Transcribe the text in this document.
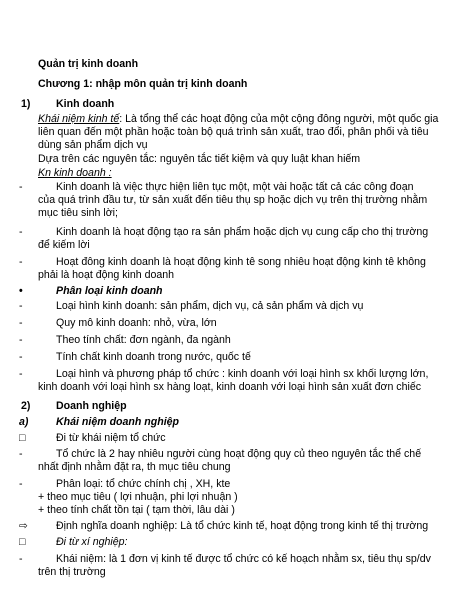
Quản trị kinh doanh
Chương 1: nhập môn quản trị kinh doanh
1) Kinh doanh
Khái niệm kinh tế: Là tổng thể các hoạt động của một cộng đông người, một quốc gia
liên quan đến một phần hoặc toàn bộ quá trình sản xuất, trao đổi, phân phối và tiêu
dùng sản phẩm dịch vụ
Dựa trên các nguyên tắc: nguyên tắc tiết kiệm và quy luật khan hiếm
Kn kinh doanh :
-	Kinh doanh là việc thực hiện liên tục một, một vài hoặc tất cả các công đoạn
của quá trình đầu tư, từ sản xuất đến tiêu thụ sp hoặc dịch vụ trên thị trường nhằm
mục tiêu sinh lời;
-	Kinh doanh là hoạt động tạo ra sản phẩm hoặc dịch vụ cung cấp cho thị trường
để kiếm lời
-	Hoạt đông kinh doanh là hoạt động kinh tê song nhiêu hoạt động kinh tê không
phải là hoạt động kinh doanh
•	Phân loại kinh doanh
-	Loại hình kinh doanh: sản phẩm, dịch vụ, cả sản phẩm và dịch vụ
-	Quy mô kinh doanh: nhỏ, vừa, lớn
-	Theo tính chất: đơn ngành, đa ngành
-	Tính chất kinh doanh trong nước, quốc tế
-	Loại hình và phương pháp tổ chức : kinh doanh với loại hình sx khối lượng lớn,
kinh doanh với loại hình sx hàng loạt, kinh doanh với loại hình sản xuất đơn chiếc
2) Doanh nghiệp
a)	Khái niệm doanh nghiệp
□	Đi từ khái niệm tổ chức
-	Tổ chức là 2 hay nhiêu người cùng hoạt động quy củ theo nguyên tắc thể chế
nhất định nhằm đặt ra, th mục tiêu chung
-	Phân loại: tổ chức chính chị , XH, kte
+ theo mục tiêu ( lợi nhuận, phi lợi nhuận )
+ theo tính chất tồn tại ( tạm thời, lâu dài )
⇨	Định nghĩa doanh nghiệp: Là tổ chức kinh tế, hoạt động trong kinh tế thị trường
□	Đi từ xí nghiệp:
-	Khái niệm: là 1 đơn vị kinh tế được tổ chức có kế hoạch nhằm sx, tiêu thụ sp/dv
trên thị trường
